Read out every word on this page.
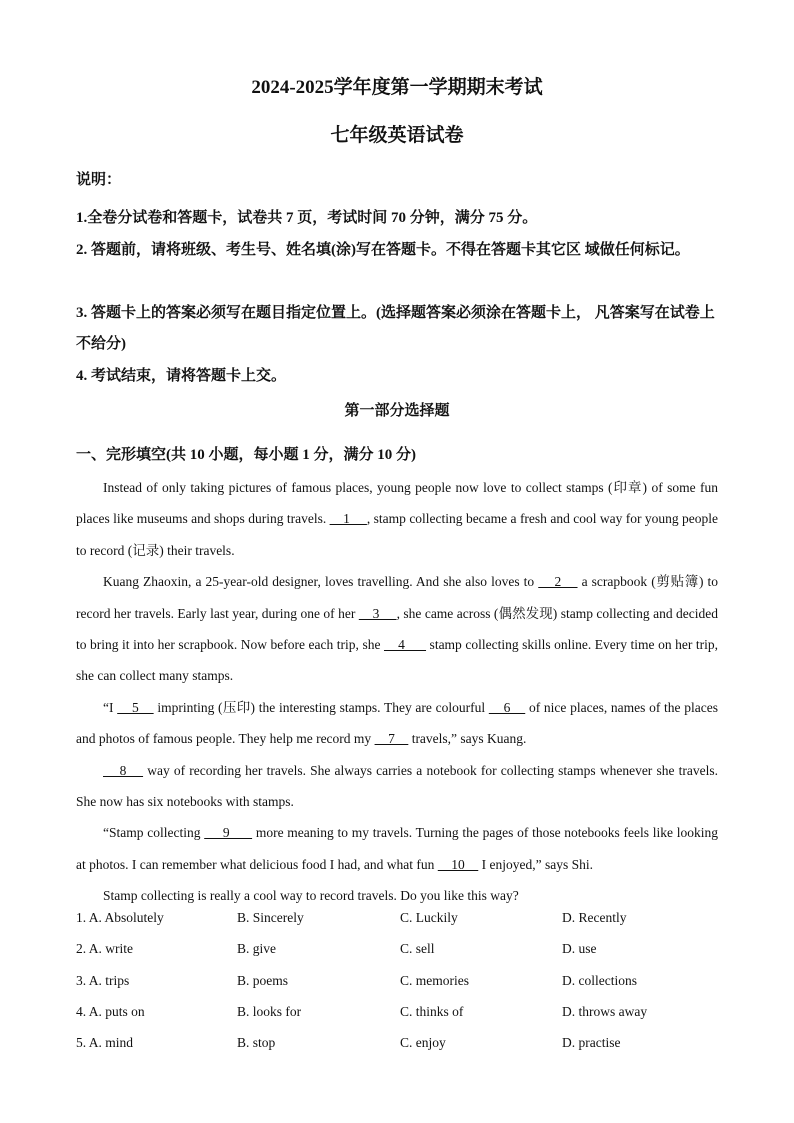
2024-2025学年度第一学期期末考试
七年级英语试卷
说明：
1.全卷分试卷和答题卡，试卷共 7 页，考试时间 70 分钟，满分 75 分。
2. 答题前，请将班级、考生号、姓名填(涂)写在答题卡。不得在答题卡其它区 域做任何标记。
3. 答题卡上的答案必须写在题目指定位置上。(选择题答案必须涂在答题卡上， 凡答案写在试卷上不给分)
4. 考试结束，请将答题卡上交。
第一部分选择题
一、完形填空(共 10 小题，每小题 1 分，满分 10 分)

Instead of only taking pictures of famous places, young people now love to collect stamps (印章) of some fun places like museums and shops during travels.     1     , stamp collecting became a fresh and cool way for young people to record (记录) their travels.

Kuang Zhaoxin, a 25-year-old designer, loves travelling. And she also loves to     2     a scrapbook (剪贴簿) to record her travels. Early last year, during one of her     3     , she came across (偶然发现) stamp collecting and decided to bring it into her scrapbook. Now before each trip, she     4       stamp collecting skills online. Every time on her trip, she can collect many stamps.

“I     5     imprinting (压印) the interesting stamps. They are colourful     6     of nice places, names of the places and photos of famous people. They help me record my     7     travels,” says Kuang.

8     way of recording her travels. She always carries a notebook for collecting stamps whenever she travels. She now has six notebooks with stamps.

“Stamp collecting      9       more meaning to my travels. Turning the pages of those notebooks feels like looking at photos. I can remember what delicious food I had, and what fun     10     I enjoyed,” says Shi.

Stamp collecting is really a cool way to record travels. Do you like this way?

1. A. Absolutely	B. Sincerely	C. Luckily	D. Recently
2. A. write	B. give	C. sell	D. use
3. A. trips	B. poems	C. memories	D. collections
4. A. puts on	B. looks for	C. thinks of	D. throws away
5. A. mind	B. stop	C. enjoy	D. practise
